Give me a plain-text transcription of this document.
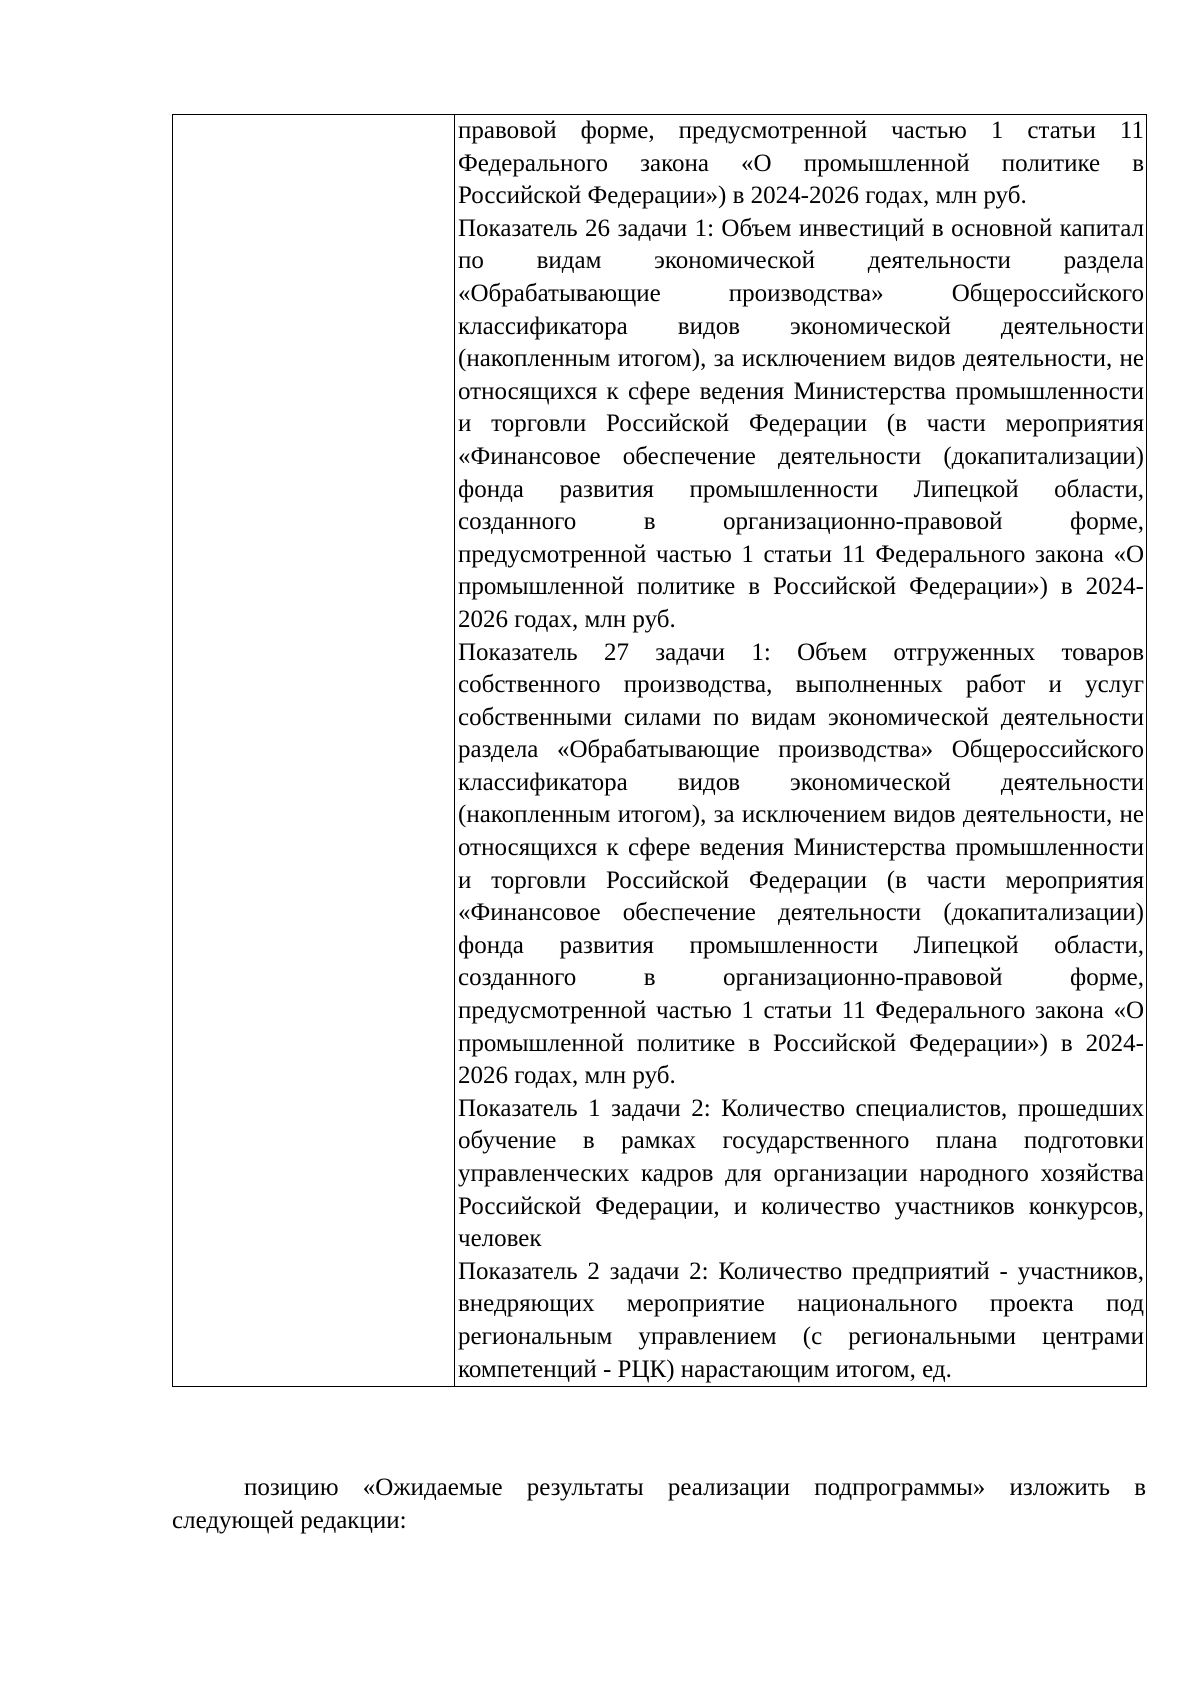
правовой форме, предусмотренной частью 1 статьи 11 Федерального закона «О промышленной политике в Российской Федерации») в 2024-2026 годах, млн руб.

Показатель 26 задачи 1: Объем инвестиций в основной капитал по видам экономической деятельности раздела «Обрабатывающие производства» Общероссийского классификатора видов экономической деятельности (накопленным итогом), за исключением видов деятельности, не относящихся к сфере ведения Министерства промышленности и торговли Российской Федерации (в части мероприятия «Финансовое обеспечение деятельности (докапитализации) фонда развития промышленности Липецкой области, созданного в организационно-правовой форме, предусмотренной частью 1 статьи 11 Федерального закона «О промышленной политике в Российской Федерации») в 2024-2026 годах, млн руб.

Показатель 27 задачи 1: Объем отгруженных товаров собственного производства, выполненных работ и услуг собственными силами по видам экономической деятельности раздела «Обрабатывающие производства» Общероссийского классификатора видов экономической деятельности (накопленным итогом), за исключением видов деятельности, не относящихся к сфере ведения Министерства промышленности и торговли Российской Федерации (в части мероприятия «Финансовое обеспечение деятельности (докапитализации) фонда развития промышленности Липецкой области, созданного в организационно-правовой форме, предусмотренной частью 1 статьи 11 Федерального закона «О промышленной политике в Российской Федерации») в 2024-2026 годах, млн руб.

Показатель 1 задачи 2: Количество специалистов, прошедших обучение в рамках государственного плана подготовки управленческих кадров для организации народного хозяйства Российской Федерации, и количество участников конкурсов, человек

Показатель 2 задачи 2: Количество предприятий - участников, внедряющих мероприятие национального проекта под региональным управлением (с региональными центрами компетенций - РЦК) нарастающим итогом, ед.

позицию «Ожидаемые результаты реализации подпрограммы» изложить в следующей редакции:
